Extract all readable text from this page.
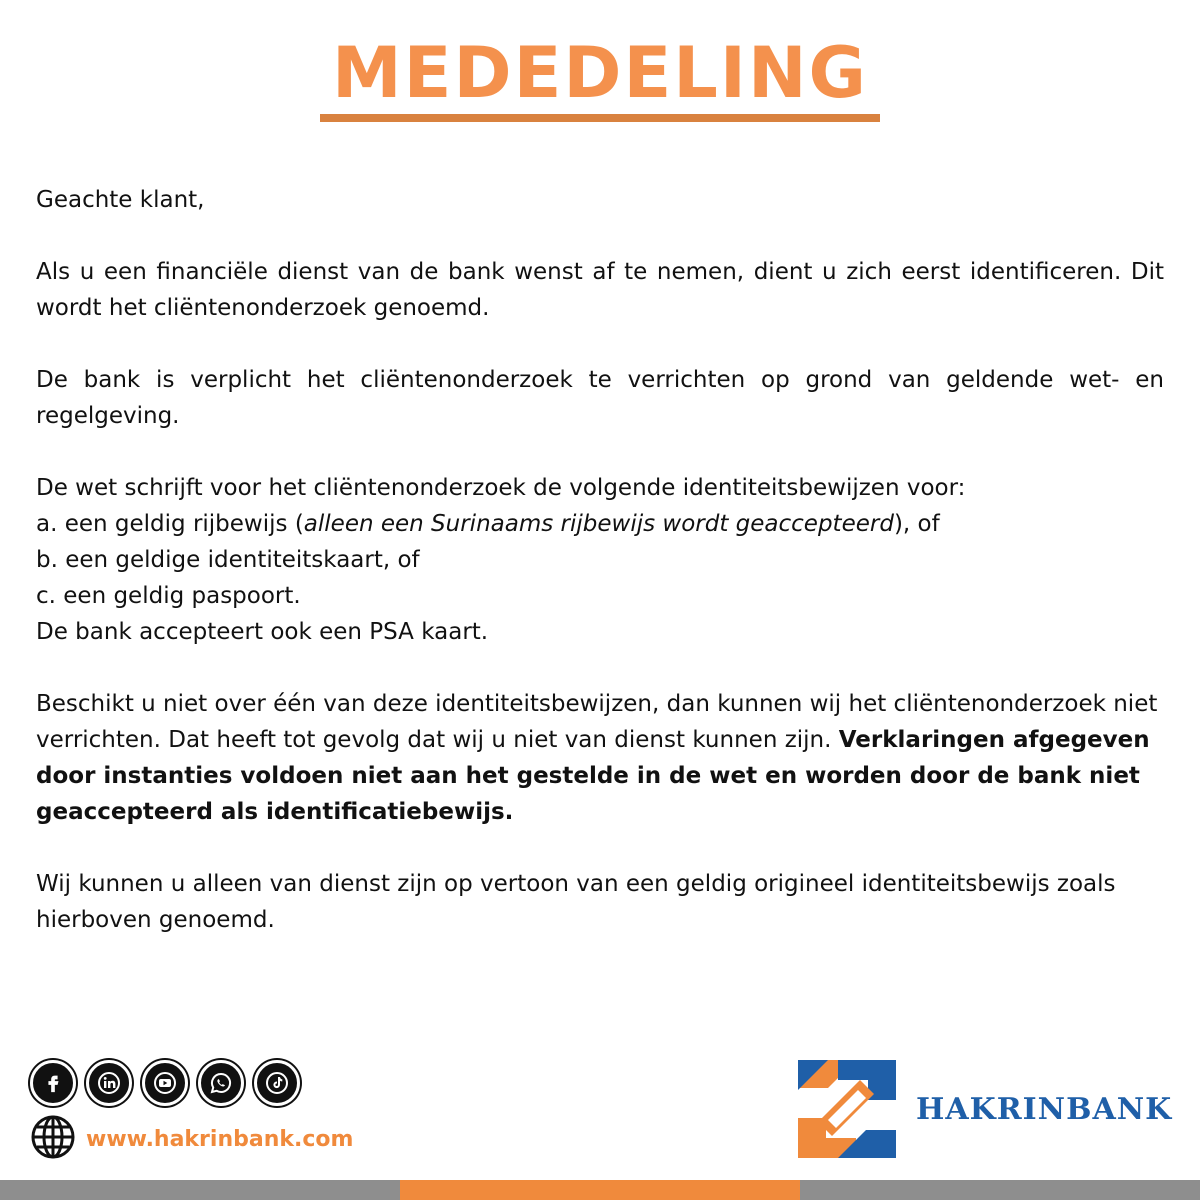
MEDEDELING

Geachte klant,

Als u een financiële dienst van de bank wenst af te nemen, dient u zich eerst identificeren. Dit wordt het cliëntenonderzoek genoemd.

De bank is verplicht het cliëntenonderzoek te verrichten op grond van geldende wet- en regelgeving.

De wet schrijft voor het cliëntenonderzoek de volgende identiteitsbewijzen voor:
a. een geldig rijbewijs (alleen een Surinaams rijbewijs wordt geaccepteerd), of
b. een geldige identiteitskaart, of
c. een geldig paspoort.
De bank accepteert ook een PSA kaart.

Beschikt u niet over één van deze identiteitsbewijzen, dan kunnen wij het cliëntenonderzoek niet verrichten. Dat heeft tot gevolg dat wij u niet van dienst kunnen zijn. Verklaringen afgegeven door instanties voldoen niet aan het gestelde in de wet en worden door de bank niet geaccepteerd als identificatiebewijs.

Wij kunnen u alleen van dienst zijn op vertoon van een geldig origineel identiteitsbewijs zoals hierboven genoemd.

www.hakrinbank.com
HAKRINBANK
